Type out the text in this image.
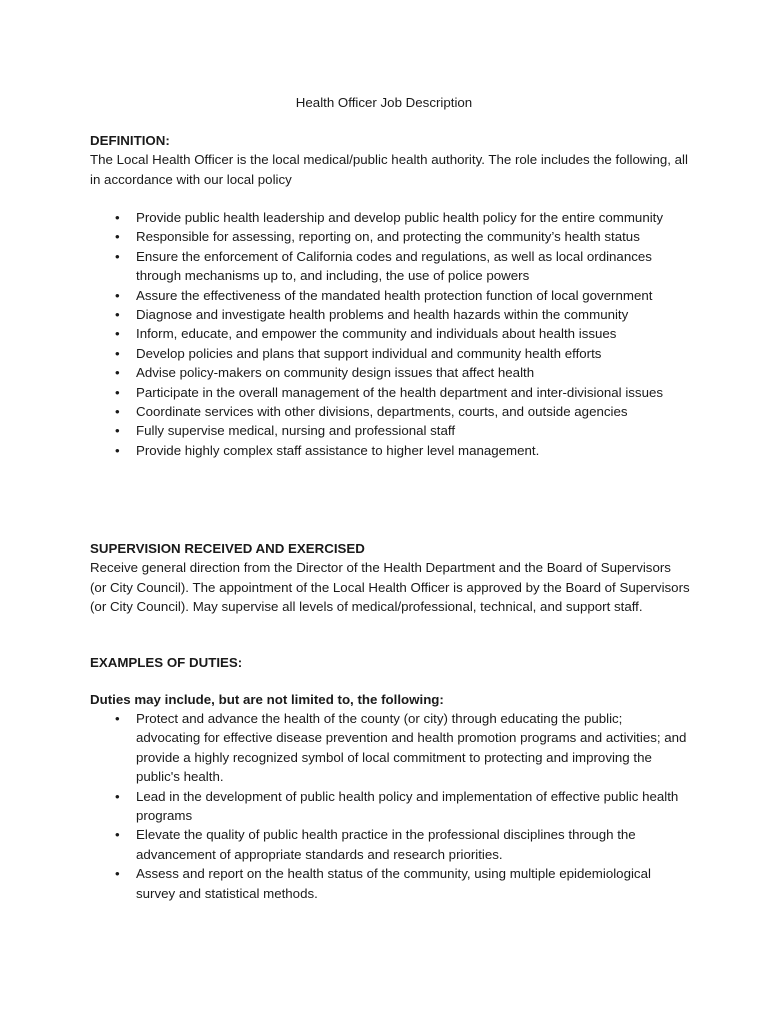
Health Officer Job Description

DEFINITION:

The Local Health Officer is the local medical/public health authority. The role includes the following, all in accordance with our local policy

• Provide public health leadership and develop public health policy for the entire community
• Responsible for assessing, reporting on, and protecting the community’s health status
• Ensure the enforcement of California codes and regulations, as well as local ordinances through mechanisms up to, and including, the use of police powers
• Assure the effectiveness of the mandated health protection function of local government
• Diagnose and investigate health problems and health hazards within the community
• Inform, educate, and empower the community and individuals about health issues
• Develop policies and plans that support individual and community health efforts
• Advise policy-makers on community design issues that affect health
• Participate in the overall management of the health department and inter-divisional issues
• Coordinate services with other divisions, departments, courts, and outside agencies
• Fully supervise medical, nursing and professional staff
• Provide highly complex staff assistance to higher level management.

SUPERVISION RECEIVED AND EXERCISED

Receive general direction from the Director of the Health Department and the Board of Supervisors (or City Council). The appointment of the Local Health Officer is approved by the Board of Supervisors (or City Council). May supervise all levels of medical/professional, technical, and support staff.

EXAMPLES OF DUTIES:
Duties may include, but are not limited to, the following:
• Protect and advance the health of the county (or city) through educating the public; advocating for effective disease prevention and health promotion programs and activities; and provide a highly recognized symbol of local commitment to protecting and improving the public's health.
• Lead in the development of public health policy and implementation of effective public health programs
• Elevate the quality of public health practice in the professional disciplines through the advancement of appropriate standards and research priorities.
• Assess and report on the health status of the community, using multiple epidemiological survey and statistical methods.
